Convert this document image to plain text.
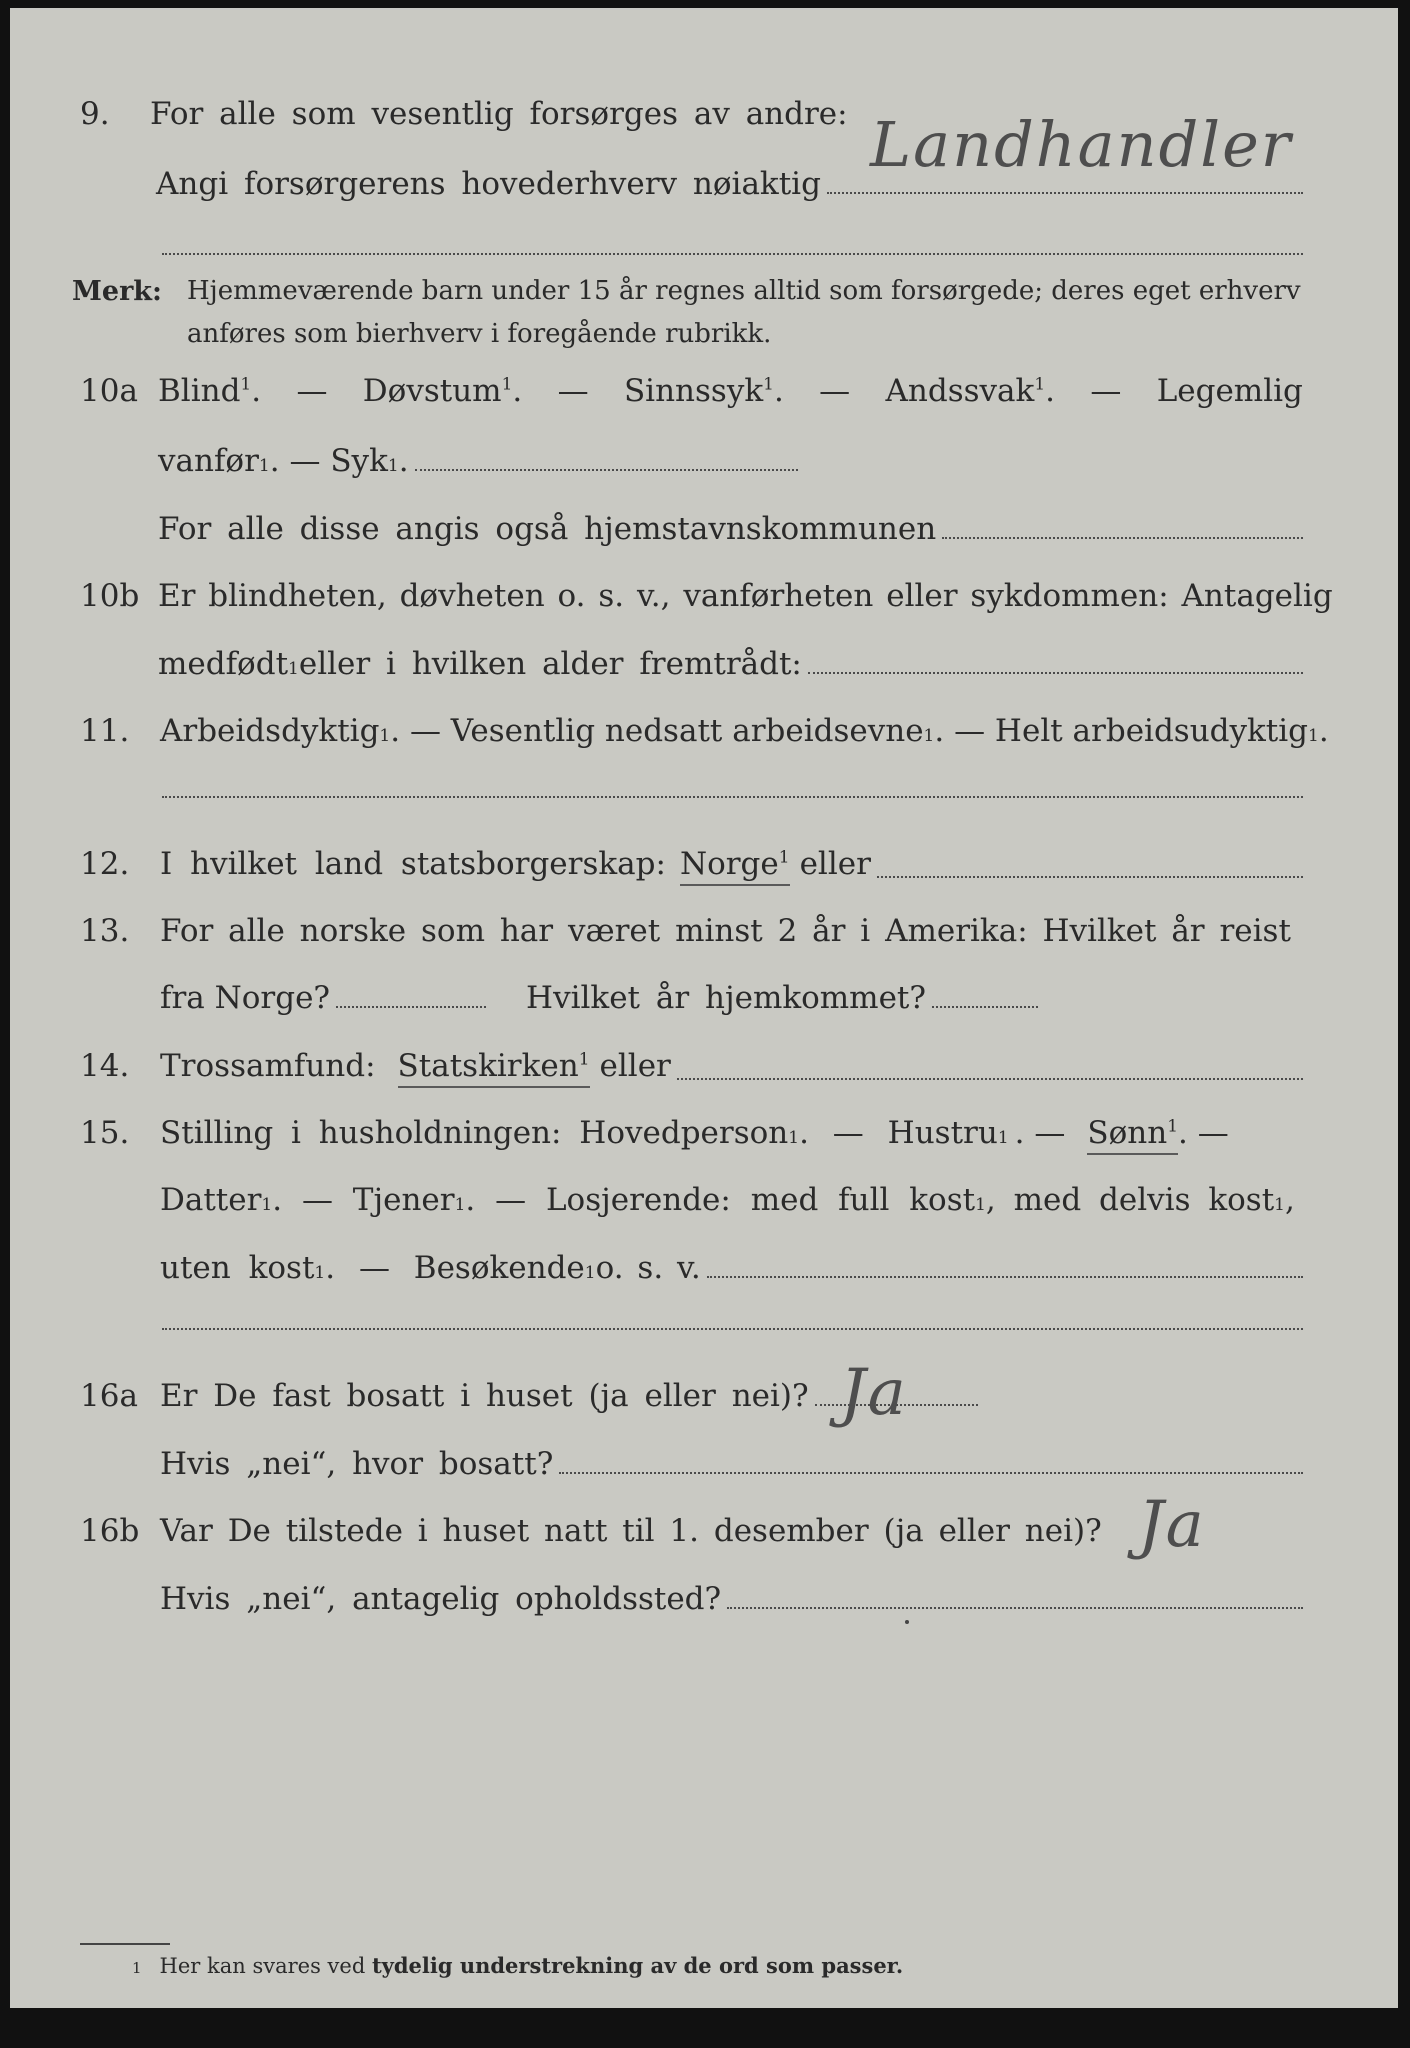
9.	For alle som vesentlig forsørges av andre:
Angi forsørgerens hovederhverv nøiaktig
Landhandler
Merk: Hjemmeværende barn under 15 år regnes alltid som forsørgede; deres eget erhverv anføres som bierhverv i foregående rubrikk.
10a Blind$^1$. — Døvstum$^1$. — Sinnssyk$^1$. — Andssvak$^1$. — Legemlig
vanfør 1 . — Syk 1 .
For alle disse angis også hjemstavnskommunen
10b Er blindheten, døvheten o. s. v., vanførheten eller sykdommen: Antagelig
medfødt 1 eller i hvilken alder fremtrådt:
11. Arbeidsdyktig 1 . — Vesentlig nedsatt arbeidsevne 1 . — Helt arbeidsudyktig 1 .
12. I hvilket land statsborgerskap: Norge$^1$ eller
13. For alle norske som har været minst 2 år i Amerika: Hvilket år reist
fra Norge?	Hvilket år hjemkommet?
14. Trossamfund: Statskirken$^1$ eller
15. Stilling i husholdningen: Hovedperson 1 . — Hustru 1 . — Sønn$^1$ . —
Datter 1 . — Tjener 1 . — Losjerende: med full kost 1 , med delvis kost 1 ,
uten kost 1 . — Besøkende 1 o. s. v.
16a Er De fast bosatt i huset (ja eller nei)? Ja
Hvis „nei“, hvor bosatt?
16b Var De tilstede i huset natt til 1. desember (ja eller nei)? Ja
Hvis „nei“, antagelig opholdssted?
1 Her kan svares ved tydelig understrekning av de ord som passer.
